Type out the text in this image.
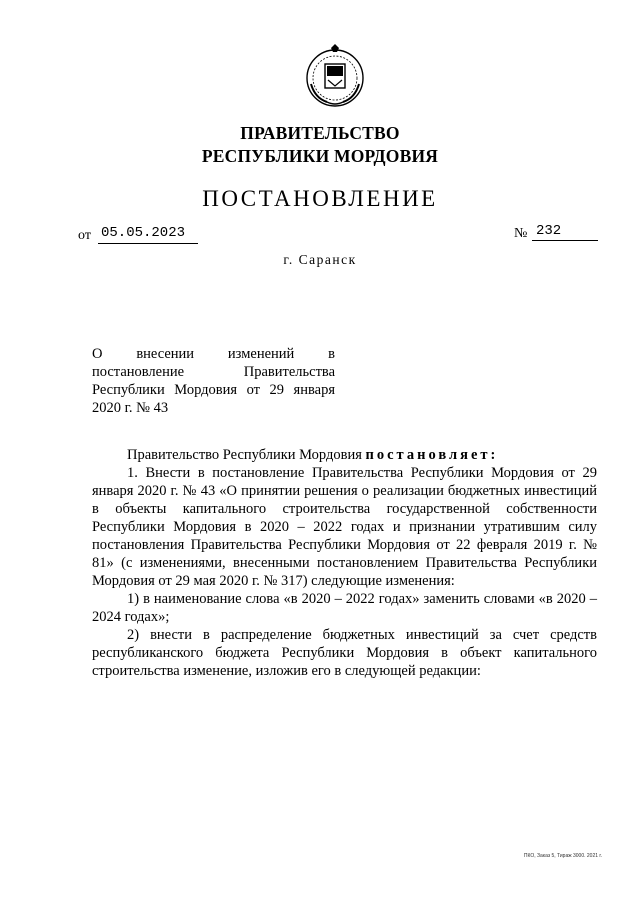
ПРАВИТЕЛЬСТВО
РЕСПУБЛИКИ МОРДОВИЯ
ПОСТАНОВЛЕНИЕ
от 05.05.2023	№ 232
г. Саранск
О внесении изменений в постановление Правительства Республики Мордовия от 29 января 2020 г. № 43

Правительство Республики Мордовия постановляет:

1. Внести в постановление Правительства Республики Мордовия от 29 января 2020 г. № 43 «О принятии решения о реализации бюджетных инвестиций в объекты капитального строительства государственной собственности Республики Мордовия в 2020 – 2022 годах и признании утратившим силу постановления Правительства Республики Мордовия от 22 февраля 2019 г. № 81» (с изменениями, внесенными постановлением Правительства Республики Мордовия от 29 мая 2020 г. № 317) следующие изменения:

1) в наименование слова «в 2020 – 2022 годах» заменить словами «в 2020 – 2024 годах»;

2) внести в распределение бюджетных инвестиций за счет средств республиканского бюджета Республики Мордовия в объект капитального строительства изменение, изложив его в следующей редакции:

ПКО, Заказ 5, Тираж 3000. 2021 г.
